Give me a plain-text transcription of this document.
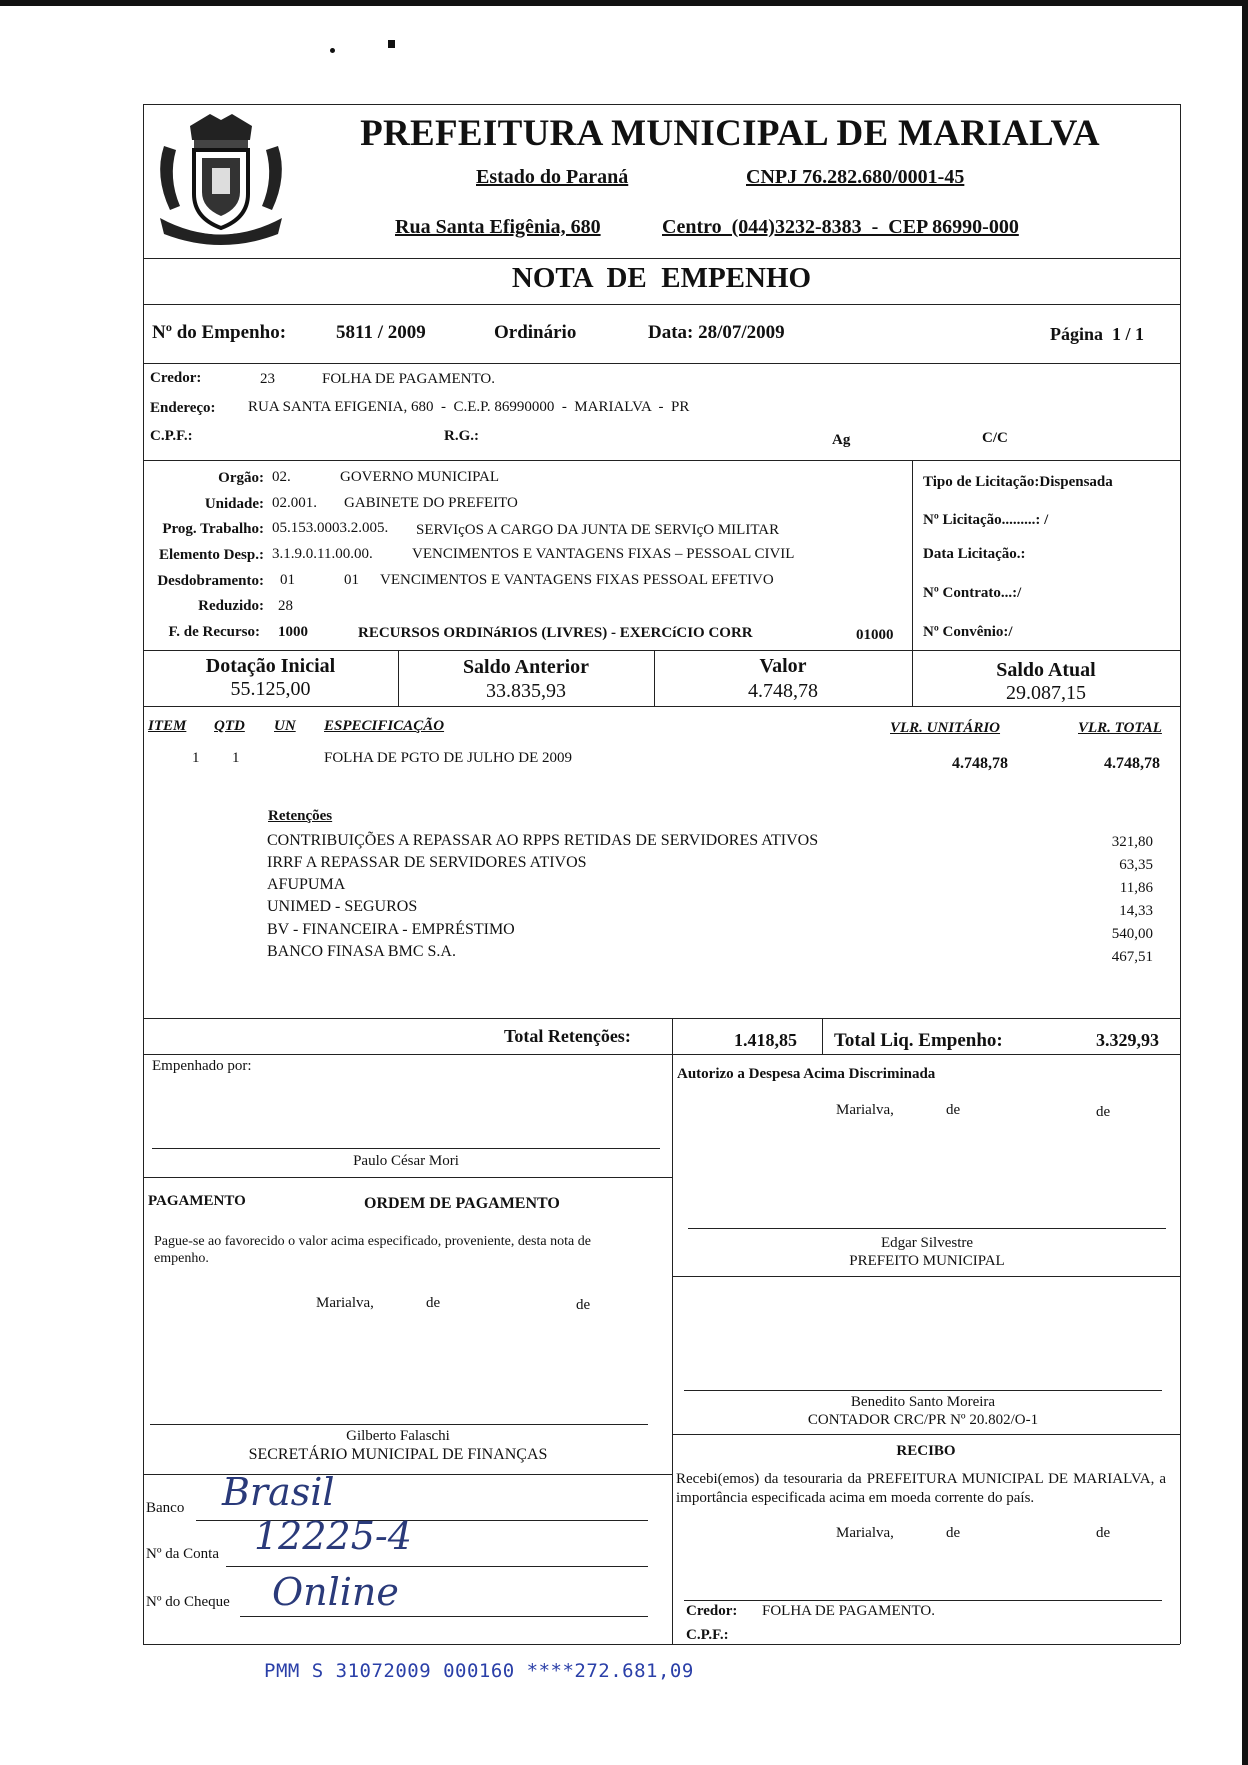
PREFEITURA MUNICIPAL DE MARIALVA
Estado do Paraná	CNPJ 76.282.680/0001-45
Rua Santa Efigênia, 680	Centro  (044)3232-8383  -  CEP 86990-000
NOTA  DE  EMPENHO
Nº do Empenho:	5811 / 2009	Ordinário	Data: 28/07/2009	Página  1 / 1
Credor:	23	FOLHA DE PAGAMENTO.
Endereço: RUA SANTA EFIGENIA, 680  -  C.E.P. 86990000  -  MARIALVA  -  PR
C.P.F.:	R.G.:	Ag	C/C
Orgão: 02.	GOVERNO MUNICIPAL
Unidade: 02.001. GABINETE DO PREFEITO
Prog. Trabalho: 05.153.0003.2.005. SERVIçOS A CARGO DA JUNTA DE SERVIçO MILITAR
Elemento Desp.: 3.1.9.0.11.00.00.	VENCIMENTOS E VANTAGENS FIXAS – PESSOAL CIVIL
Desdobramento: 01	01 VENCIMENTOS E VANTAGENS FIXAS PESSOAL EFETIVO
Reduzido: 28
F. de Recurso: 1000	RECURSOS ORDINáRIOS (LIVRES) - EXERCíCIO CORR	01000
Tipo de Licitação:Dispensada
Nº Licitação.........: /
Data Licitação.:
Nº Contrato...:/
Nº Convênio:/
Dotação Inicial
55.125,00
Saldo Anterior
33.835,93
Valor
4.748,78
Saldo Atual
29.087,15
ITEM QTD UN ESPECIFICAÇÃO	VLR. UNITÁRIO	VLR. TOTAL
1 1	FOLHA DE PGTO DE JULHO DE 2009	4.748,78	4.748,78
Retenções
CONTRIBUIÇÕES A REPASSAR AO RPPS RETIDAS DE SERVIDORES ATIVOS	321,80
IRRF A REPASSAR DE SERVIDORES ATIVOS	63,35
AFUPUMA	11,86
UNIMED - SEGUROS	14,33
BV - FINANCEIRA - EMPRÉSTIMO	540,00
BANCO FINASA BMC S.A.	467,51
Total Retenções:	1.418,85 Total Liq. Empenho:	3.329,93
Empenhado por:
Paulo César Mori
Autorizo a Despesa Acima Discriminada
Marialva,	de	de
Edgar Silvestre
PREFEITO MUNICIPAL
PAGAMENTO	ORDEM DE PAGAMENTO
Pague-se ao favorecido o valor acima especificado, proveniente, desta nota de empenho.
Marialva,	de	de
Gilberto Falaschi
SECRETÁRIO MUNICIPAL DE FINANÇAS
Benedito Santo Moreira
CONTADOR CRC/PR Nº 20.802/O-1
RECIBO
Recebi(emos) da tesouraria da PREFEITURA MUNICIPAL DE MARIALVA, a importância especificada acima em moeda corrente do país.
Marialva,	de	de
Credor: FOLHA DE PAGAMENTO.
C.P.F.:
Banco Brasil
Nº da Conta 12225-4
Nº do Cheque Online
PMM S 31072009 000160 ****272.681,09
